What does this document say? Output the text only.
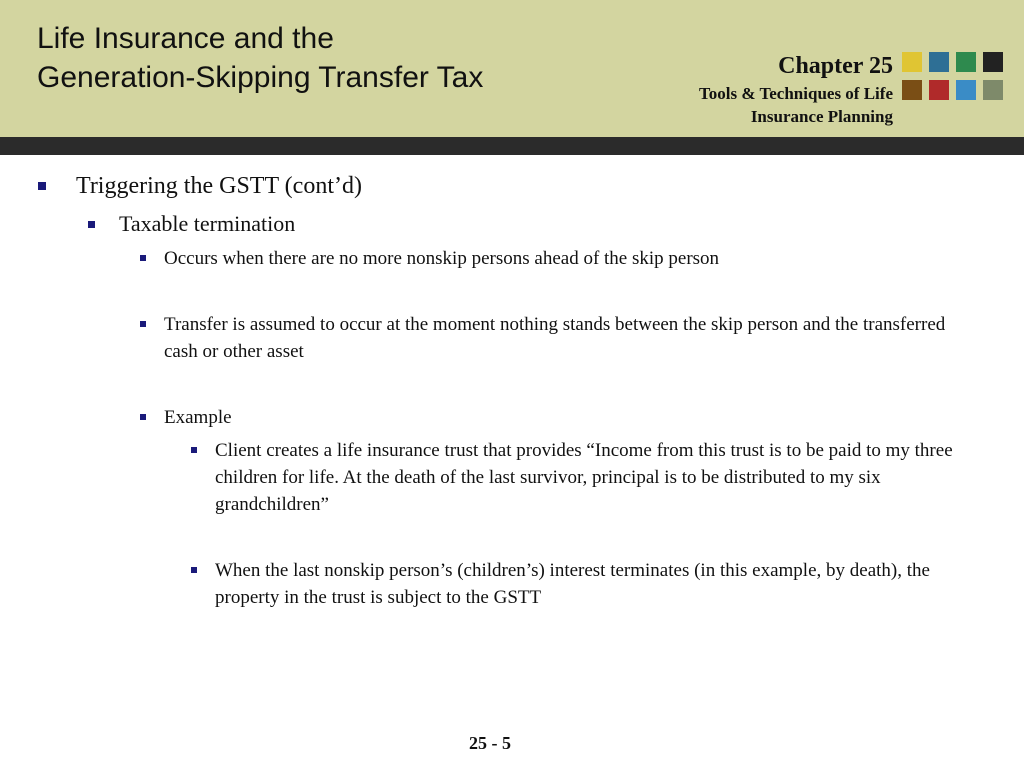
Life Insurance and the
Generation-Skipping Transfer Tax	Chapter 25
Tools & Techniques of Life
Insurance Planning
Triggering the GSTT (cont’d)
Taxable termination
Occurs when there are no more nonskip persons ahead of the skip person
Transfer is assumed to occur at the moment nothing stands between the skip person and the transferred cash or other asset
Example
Client creates a life insurance trust that provides “Income from this trust is to be paid to my three children for life. At the death of the last survivor, principal is to be distributed to my six grandchildren”
When the last nonskip person’s (children’s) interest terminates (in this example, by death), the property in the trust is subject to the GSTT
25 - 5
